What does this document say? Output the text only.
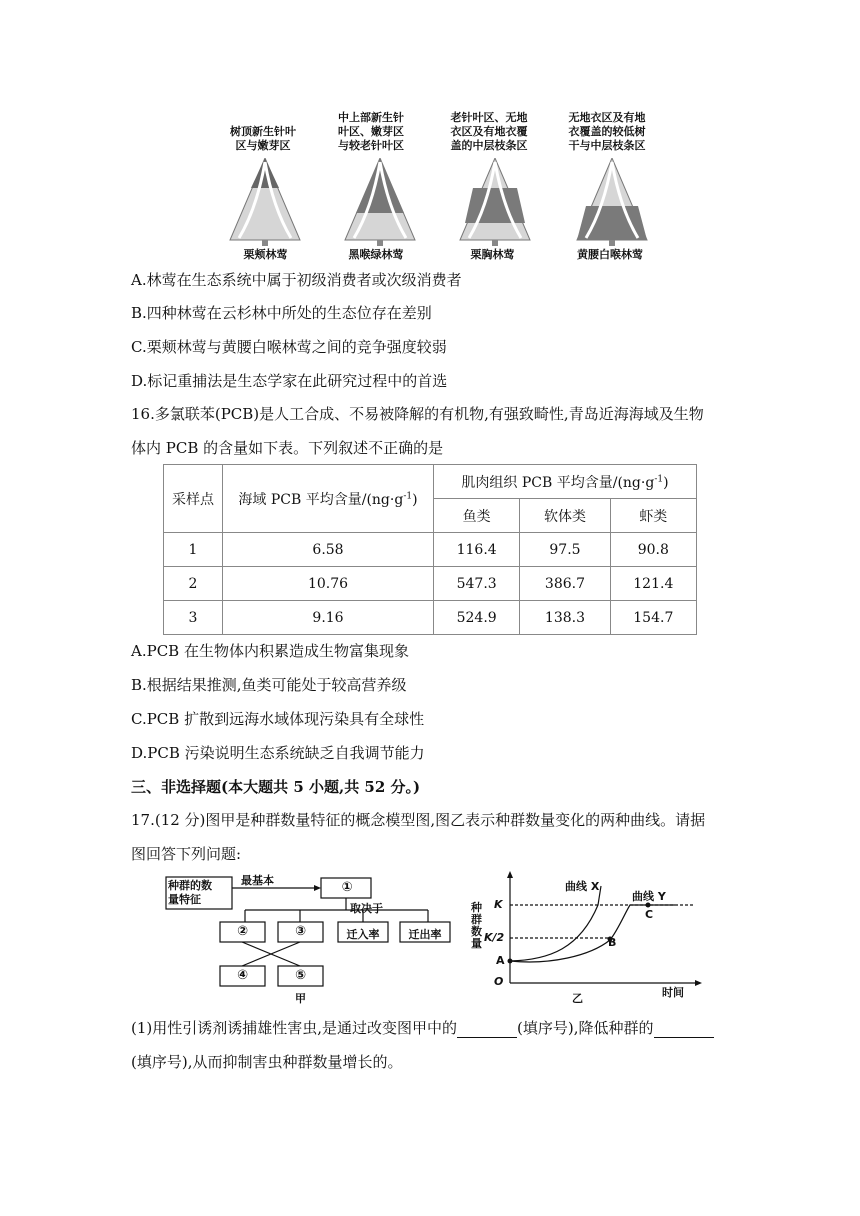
树顶新生针叶
区与嫩芽区
中上部新生针
叶区、嫩芽区
与较老针叶区
老针叶区、无地
衣区及有地衣覆
盖的中层枝条区
无地衣区及有地
衣覆盖的较低树
干与中层枝条区
栗颊林莺	黑喉绿林莺	栗胸林莺	黄腰白喉林莺
A.林莺在生态系统中属于初级消费者或次级消费者
B.四种林莺在云杉林中所处的生态位存在差别
C.栗颊林莺与黄腰白喉林莺之间的竞争强度较弱
D.标记重捕法是生态学家在此研究过程中的首选
16.多氯联苯(PCB)是人工合成、不易被降解的有机物,有强致畸性,青岛近海海域及生物
体内 PCB 的含量如下表。下列叙述不正确的是
采样点	海域 PCB 平均含量$/(ng\cdot g^{-1})$	肌肉组织 PCB 平均含量$/(ng\cdot g^{-1})$		
		鱼类	软体类	虾类
1	6.58	116.4	97.5	90.8
2	10.76	547.3	386.7	121.4
3	9.16	524.9	138.3	154.7
A.PCB 在生物体内积累造成生物富集现象
B.根据结果推测,鱼类可能处于较高营养级
C.PCB 扩散到远海水域体现污染具有全球性
D.PCB 污染说明生态系统缺乏自我调节能力
三、非选择题(本大题共 5 小题,共 52 分。)
17.(12 分)图甲是种群数量特征的概念模型图,图乙表示种群数量变化的两种曲线。请据
图回答下列问题:
种群的数
量特征
最基本	①
取决于
②	③	迁入率	迁出率
④	⑤
甲
种
群
数
量
时间
O
K
K/2
曲线 X
曲线 Y
A
B
C
乙
(1)用性引诱剂诱捕雄性害虫,是通过改变图甲中的	(填序号),降低种群的
(填序号),从而抑制害虫种群数量增长的。
